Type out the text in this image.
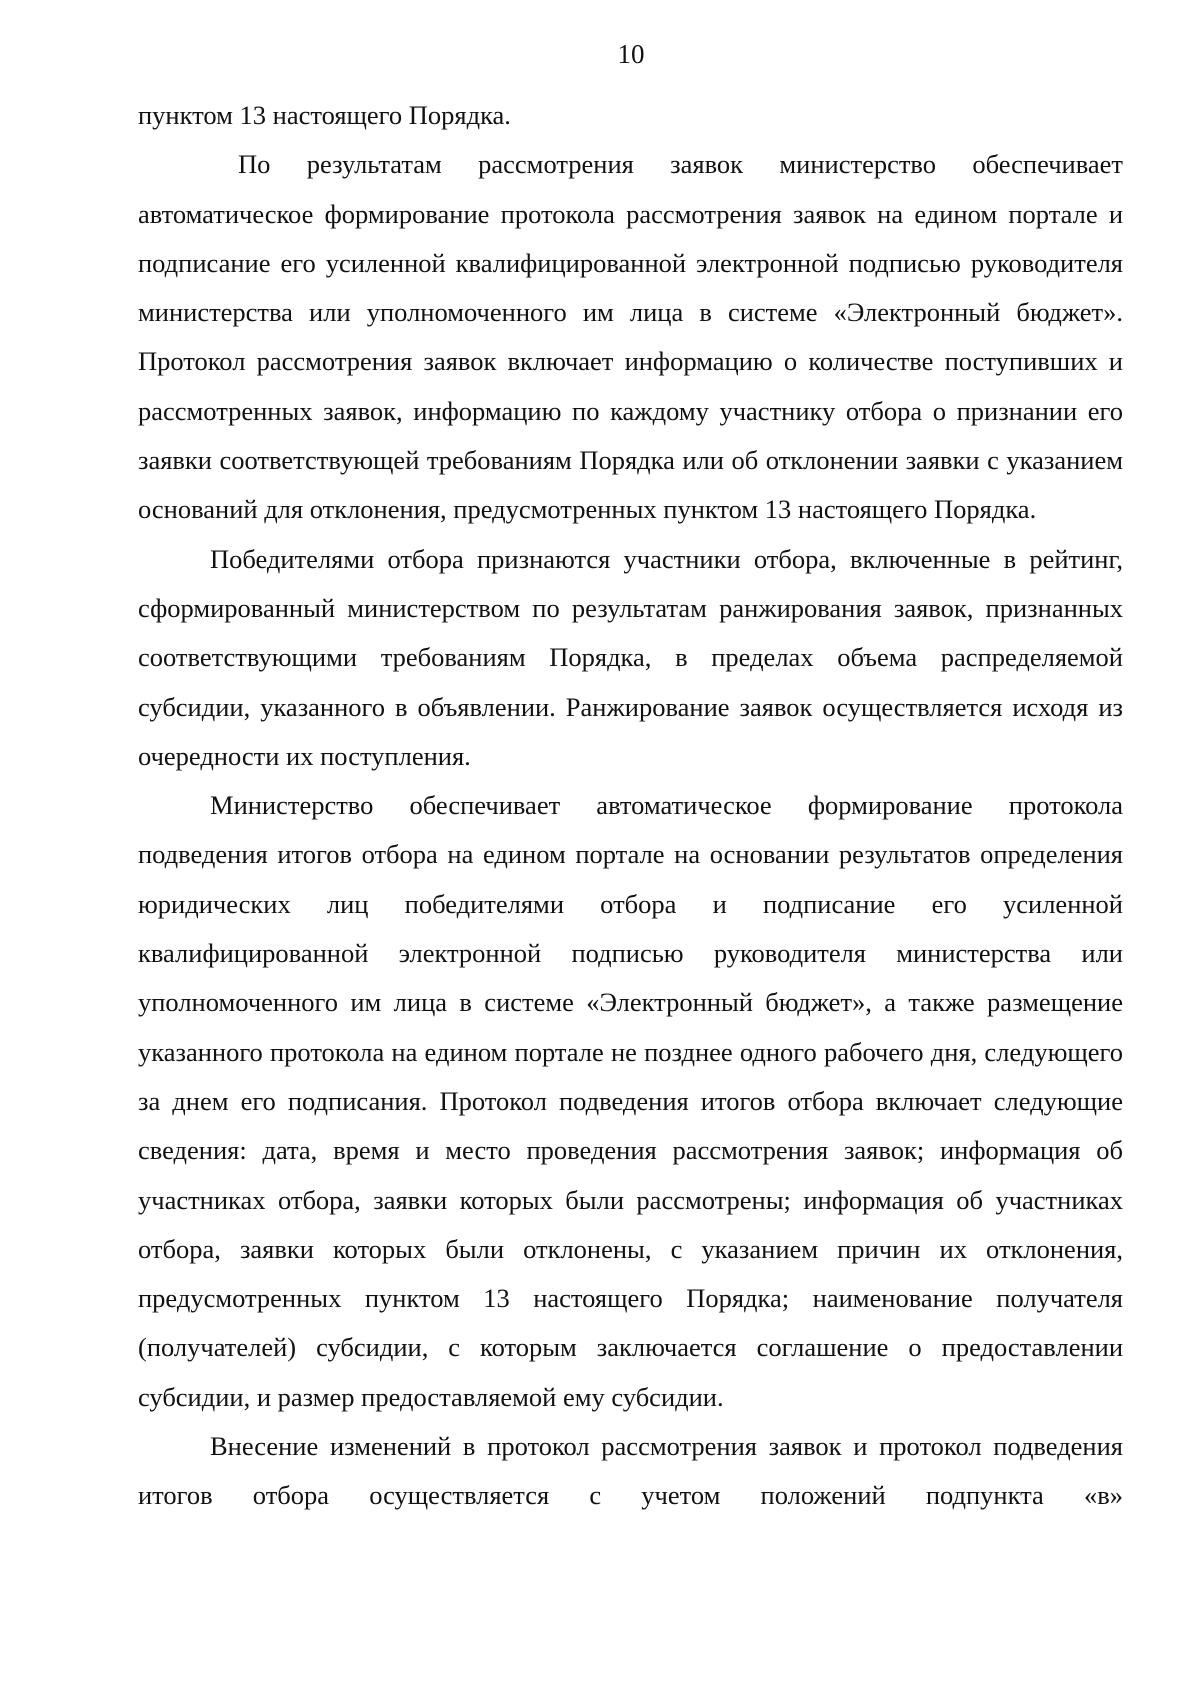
10

пунктом 13 настоящего Порядка.

По результатам рассмотрения заявок министерство обеспечивает автоматическое формирование протокола рассмотрения заявок на едином портале и подписание его усиленной квалифицированной электронной подписью руководителя министерства или уполномоченного им лица в системе «Электронный бюджет». Протокол рассмотрения заявок включает информацию о количестве поступивших и рассмотренных заявок, информацию по каждому участнику отбора о признании его заявки соответствующей требованиям Порядка или об отклонении заявки с указанием оснований для отклонения, предусмотренных пунктом 13 настоящего Порядка.

Победителями отбора признаются участники отбора, включенные в рейтинг, сформированный министерством по результатам ранжирования заявок, признанных соответствующими требованиям Порядка, в пределах объема распределяемой субсидии, указанного в объявлении. Ранжирование заявок осуществляется исходя из очередности их поступления.

Министерство обеспечивает автоматическое формирование протокола подведения итогов отбора на едином портале на основании результатов определения юридических лиц победителями отбора и подписание его усиленной квалифицированной электронной подписью руководителя министерства или уполномоченного им лица в системе «Электронный бюджет», а также размещение указанного протокола на едином портале не позднее одного рабочего дня, следующего за днем его подписания. Протокол подведения итогов отбора включает следующие сведения: дата, время и место проведения рассмотрения заявок; информация об участниках отбора, заявки которых были рассмотрены; информация об участниках отбора, заявки которых были отклонены, с указанием причин их отклонения, предусмотренных пунктом 13 настоящего Порядка; наименование получателя (получателей) субсидии, с которым заключается соглашение о предоставлении субсидии, и размер предоставляемой ему субсидии.

Внесение изменений в протокол рассмотрения заявок и протокол подведения итогов отбора осуществляется с учетом положений подпункта «в»
